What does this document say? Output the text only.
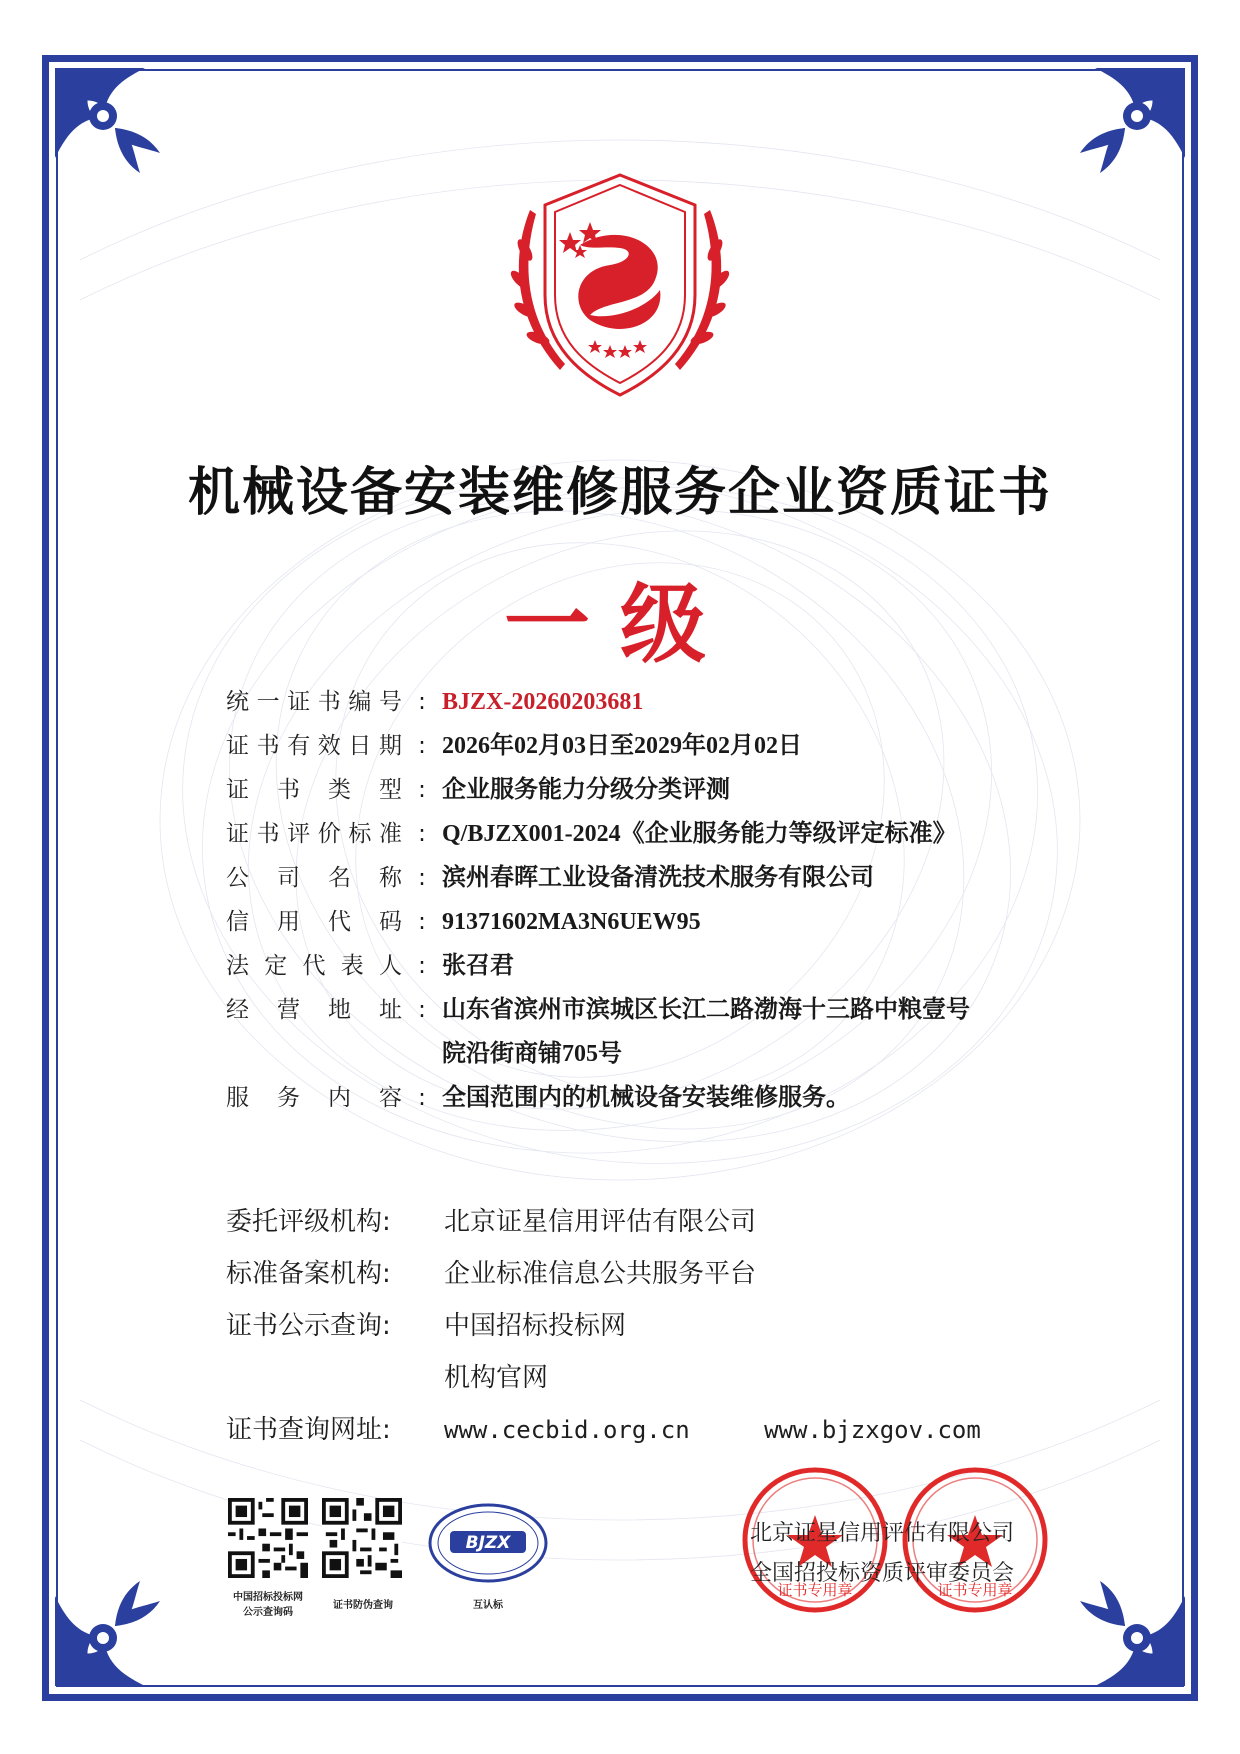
机械设备安装维修服务企业资质证书
一级
统 一 证 书 编 号 : BJZX-20260203681
证 书 有 效 日 期 : 2026年02月03日至2029年02月02日
证 书 类 型 : 企业服务能力分级分类评测
证 书 评 价 标 准 : Q/BJZX001-2024《企业服务能力等级评定标准》
公 司 名 称 : 滨州春晖工业设备清洗技术服务有限公司
信 用 代 码 : 91371602MA3N6UEW95
法 定 代 表 人 : 张召君
经 营 地 址 : 山东省滨州市滨城区长江二路渤海十三路中粮壹号
院沿街商铺705号
服 务 内 容 : 全国范围内的机械设备安装维修服务。
委托评级机构:	北京证星信用评估有限公司
标准备案机构:	企业标准信息公共服务平台
证书公示查询:	中国招标投标网
机构官网
证书查询网址:	www.cecbid.org.cn	www.bjzxgov.com
中国招标投标网
公示查询码
证书防伪查询
BJZX
互认标
证书专用章	证书专用章
北京证星信用评估有限公司
全国招投标资质评审委员会
